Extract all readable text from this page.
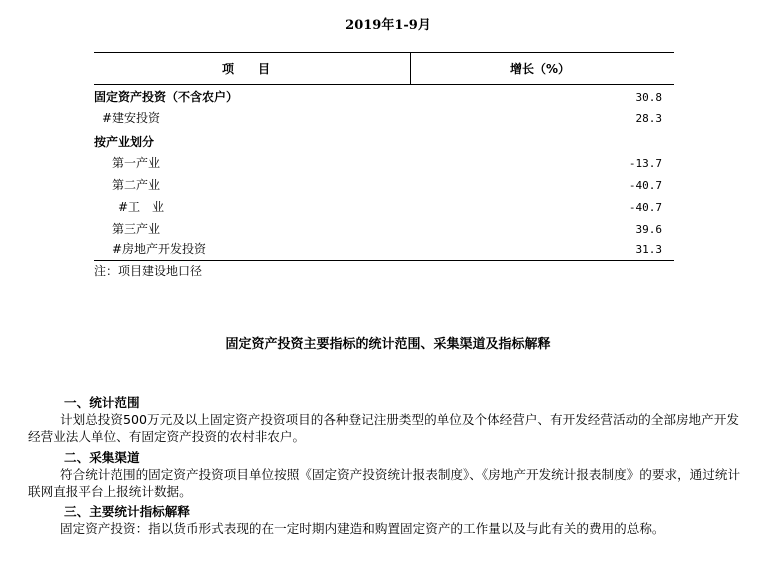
2019年1-9月
项　　目	增长（%）
固定资产投资（不含农户）	30.8
#建安投资	28.3
按产业划分
第一产业	-13.7
第二产业	-40.7
#工　业	-40.7
第三产业	39.6
#房地产开发投资	31.3
注：项目建设地口径
固定资产投资主要指标的统计范围、采集渠道及指标解释
一、统计范围
计划总投资500万元及以上固定资产投资项目的各种登记注册类型的单位及个体经营户、有开发经营活动的全部房地产开发经营业法人单位、有固定资产投资的农村非农户。
二、采集渠道
符合统计范围的固定资产投资项目单位按照《固定资产投资统计报表制度》、《房地产开发统计报表制度》的要求，通过统计联网直报平台上报统计数据。
三、主要统计指标解释
固定资产投资：指以货币形式表现的在一定时期内建造和购置固定资产的工作量以及与此有关的费用的总称。
